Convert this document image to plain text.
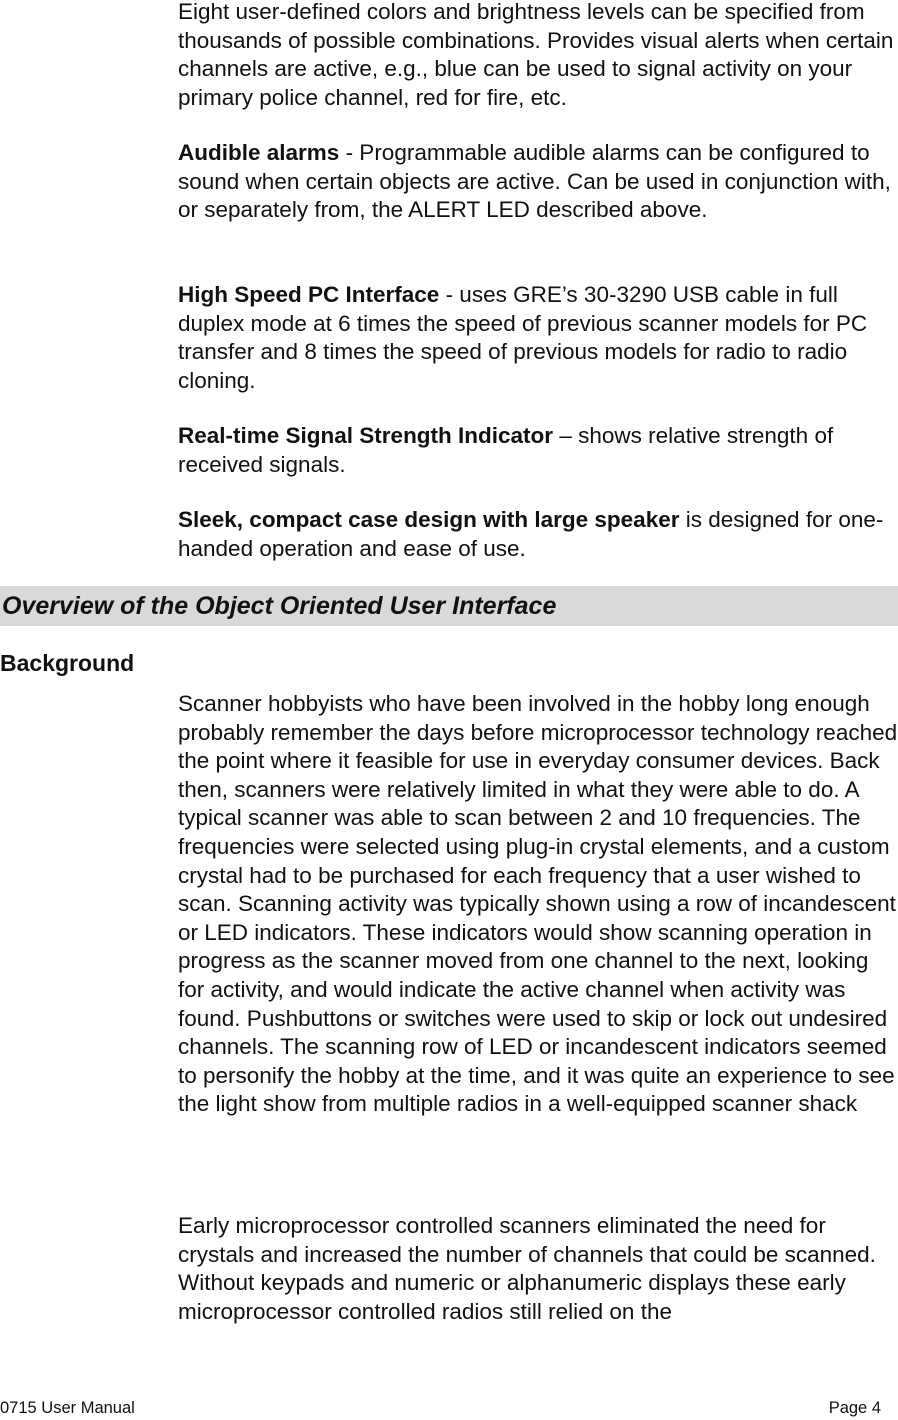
Eight user-defined colors and brightness levels can be specified from thousands of possible combinations. Provides visual alerts when certain channels are active, e.g., blue can be used to signal activity on your primary police channel, red for fire, etc.

Audible alarms - Programmable audible alarms can be configured to sound when certain objects are active. Can be used in conjunction with, or separately from, the ALERT LED described above.

High Speed PC Interface - uses GRE’s 30-3290 USB cable in full duplex mode at 6 times the speed of previous scanner models for PC transfer and 8 times the speed of previous models for radio to radio cloning.

Real-time Signal Strength Indicator – shows relative strength of received signals.

Sleek, compact case design with large speaker is designed for one-handed operation and ease of use.

Overview of the Object Oriented User Interface
Background

Scanner hobbyists who have been involved in the hobby long enough probably remember the days before microprocessor technology reached the point where it feasible for use in everyday consumer devices. Back then, scanners were relatively limited in what they were able to do. A typical scanner was able to scan between 2 and 10 frequencies. The frequencies were selected using plug-in crystal elements, and a custom crystal had to be purchased for each frequency that a user wished to scan. Scanning activity was typically shown using a row of incandescent or LED indicators. These indicators would show scanning operation in progress as the scanner moved from one channel to the next, looking for activity, and would indicate the active channel when activity was found. Pushbuttons or switches were used to skip or lock out undesired channels. The scanning row of LED or incandescent indicators seemed to personify the hobby at the time, and it was quite an experience to see the light show from multiple radios in a well-equipped scanner shack

Early microprocessor controlled scanners eliminated the need for crystals and increased the number of channels that could be scanned. Without keypads and numeric or alphanumeric displays these early microprocessor controlled radios still relied on the

0715 User Manual	Page 4
